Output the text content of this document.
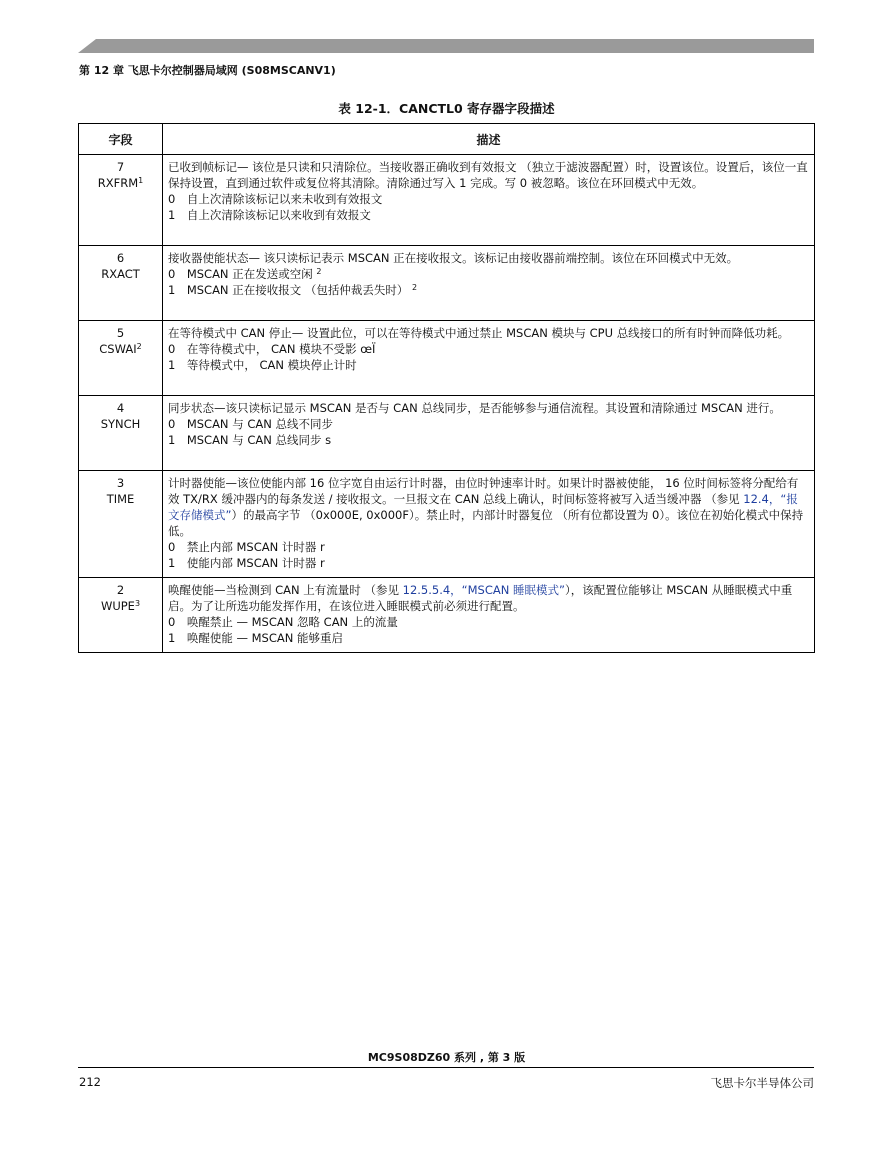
第 12 章 飞思卡尔控制器局域网 (S08MSCANV1)
表 12-1．CANCTL0 寄存器字段描述
字段	描述

7
RXFRM$^1$	已收到帧标记— 该位是只读和只清除位。当接收器正确收到有效报文 （独立于滤波器配置）时，设置该位。设置后，该位一直保持设置，直到通过软件或复位将其清除。清除通过写入 1 完成。写 0 被忽略。该位在环回模式中无效。
0　自上次清除该标记以来未收到有效报文
1　自上次清除该标记以来收到有效报文

6
RXACT	接收器使能状态— 该只读标记表示 MSCAN 正在接收报文。该标记由接收器前端控制。该位在环回模式中无效。
0　MSCAN 正在发送或空闲 $^2$
1　MSCAN 正在接收报文 （包括仲裁丢失时） $^2$

5
CSWAI$^2$	在等待模式中 CAN 停止— 设置此位，可以在等待模式中通过禁止 MSCAN 模块与 CPU 总线接口的所有时钟而降低功耗。
0　在等待模式中， CAN 模块不受影 œÏ
1　等待模式中， CAN 模块停止计时

4
SYNCH	同步状态—该只读标记显示 MSCAN 是否与 CAN 总线同步，是否能够参与通信流程。其设置和清除通过 MSCAN 进行。
0　MSCAN 与 CAN 总线不同步
1　MSCAN 与 CAN 总线同步 s

3
TIME	计时器使能—该位使能内部 16 位字宽自由运行计时器，由位时钟速率计时。如果计时器被使能， 16 位时间标签将分配给有效 TX/RX 缓冲器内的每条发送 / 接收报文。一旦报文在 CAN 总线上确认，时间标签将被写入适当缓冲器 （参见 12.4，“报文存储模式”）的最高字节 （0x000E, 0x000F）。禁止时，内部计时器复位 （所有位都设置为 0）。该位在初始化模式中保持低。
0　禁止内部 MSCAN 计时器 r
1　使能内部 MSCAN 计时器 r

2
WUPE$^3$	唤醒使能—当检测到 CAN 上有流量时 （参见 12.5.5.4，“MSCAN 睡眠模式”），该配置位能够让 MSCAN 从睡眠模式中重启。为了让所选功能发挥作用，在该位进入睡眠模式前必须进行配置。
0　唤醒禁止 — MSCAN 忽略 CAN 上的流量
1　唤醒使能 — MSCAN 能够重启
MC9S08DZ60 系列 , 第 3 版
212	飞思卡尔半导体公司
